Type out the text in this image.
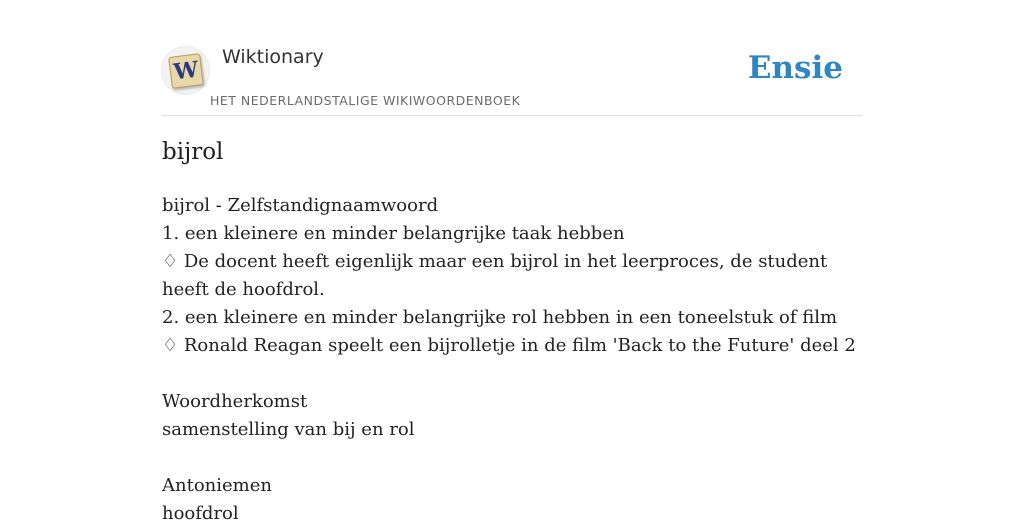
W Wiktionary
HET NEDERLANDSTALIGE WIKIWOORDENBOEK
Ensie
bijrol

bijrol - Zelfstandignaamwoord

1. een kleinere en minder belangrijke taak hebben

♢ De docent heeft eigenlijk maar een bijrol in het leerproces, de student heeft de hoofdrol.

2. een kleinere en minder belangrijke rol hebben in een toneelstuk of film

♢ Ronald Reagan speelt een bijrolletje in de film 'Back to the Future' deel 2

Woordherkomst

samenstelling van bij en rol

Antoniemen

hoofdrol
